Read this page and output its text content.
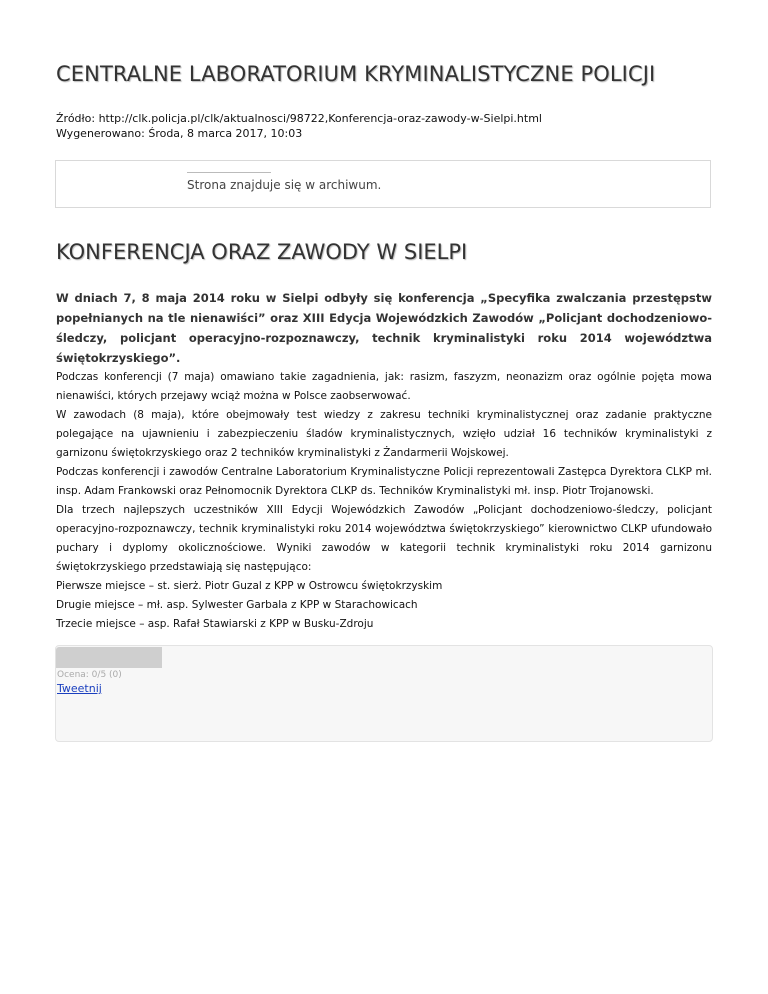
CENTRALNE LABORATORIUM KRYMINALISTYCZNE POLICJI
Źródło: http://clk.policja.pl/clk/aktualnosci/98722,Konferencja-oraz-zawody-w-Sielpi.html
Wygenerowano: Środa, 8 marca 2017, 10:03
Strona znajduje się w archiwum.
KONFERENCJA ORAZ ZAWODY W SIELPI

W dniach 7, 8 maja 2014 roku w Sielpi odbyły się konferencja „Specyfika zwalczania przestępstw popełnianych na tle nienawiści” oraz XIII Edycja Wojewódzkich Zawodów „Policjant dochodzeniowo-śledczy, policjant operacyjno-rozpoznawczy, technik kryminalistyki roku 2014 województwa świętokrzyskiego”.

Podczas konferencji (7 maja) omawiano takie zagadnienia, jak: rasizm, faszyzm, neonazizm oraz ogólnie pojęta mowa nienawiści, których przejawy wciąż można w Polsce zaobserwować.

W zawodach (8 maja), które obejmowały test wiedzy z zakresu techniki kryminalistycznej oraz zadanie praktyczne polegające na ujawnieniu i zabezpieczeniu śladów kryminalistycznych, wzięło udział 16 techników kryminalistyki z garnizonu świętokrzyskiego oraz 2 techników kryminalistyki z Żandarmerii Wojskowej.

Podczas konferencji i zawodów Centralne Laboratorium Kryminalistyczne Policji reprezentowali Zastępca Dyrektora CLKP mł. insp. Adam Frankowski oraz Pełnomocnik Dyrektora CLKP ds. Techników Kryminalistyki mł. insp. Piotr Trojanowski.

Dla trzech najlepszych uczestników XIII Edycji Wojewódzkich Zawodów „Policjant dochodzeniowo-śledczy, policjant operacyjno-rozpoznawczy, technik kryminalistyki roku 2014 województwa świętokrzyskiego” kierownictwo CLKP ufundowało puchary i dyplomy okolicznościowe. Wyniki zawodów w kategorii technik kryminalistyki roku 2014 garnizonu świętokrzyskiego przedstawiają się następująco:

Pierwsze miejsce – st. sierż. Piotr Guzal z KPP w Ostrowcu świętokrzyskim

Drugie miejsce – mł. asp. Sylwester Garbala z KPP w Starachowicach

Trzecie miejsce – asp. Rafał Stawiarski z KPP w Busku-Zdroju

Ocena: 0/5 (0)
Tweetnij
